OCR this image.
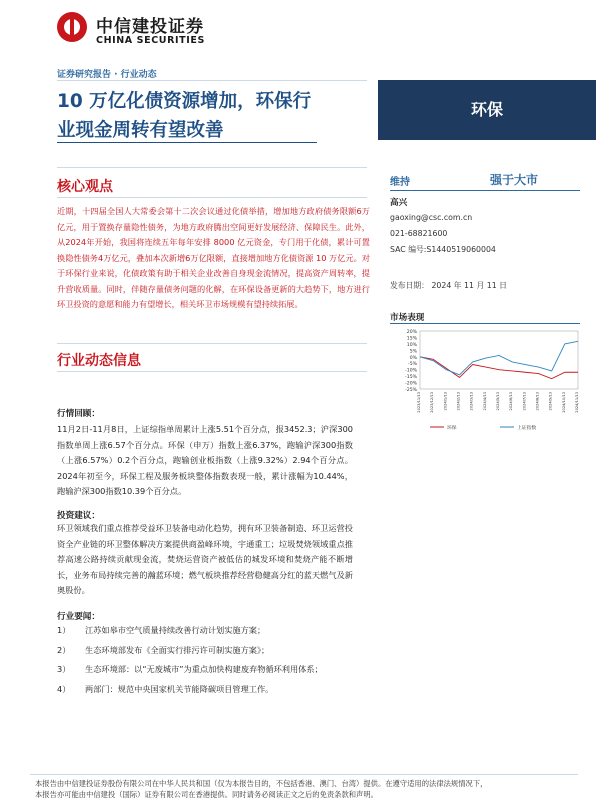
中信建投证券
CHINA SECURITIES
证券研究报告 · 行业动态
10 万亿化债资源增加，环保行
业现金周转有望改善
环保
核心观点
近期，十四届全国人大常委会第十二次会议通过化债举措，增加地方政府债务限额6万亿元，用于置换存量隐性债务，为地方政府腾出空间更好发展经济、保障民生。此外，从2024年开始，我国将连续五年每年安排 8000 亿元资金，专门用于化债，累计可置换隐性债务4万亿元，叠加本次新增6万亿限额，直接增加地方化债资源 10 万亿元。对于环保行业来说，化债政策有助于相关企业改善自身现金流情况，提高资产周转率，提升营收质量。同时，伴随存量债务问题的化解，在环保设备更新的大趋势下，地方进行环卫投资的意愿和能力有望增长，相关环卫市场规模有望持续拓展。
行业动态信息
行情回顾：
11月2日-11月8日，上证综指单周累计上涨5.51个百分点，报3452.3；沪深300指数单周上涨6.57个百分点。环保（申万）指数上涨6.37%，跑输沪深300指数（上涨6.57%）0.2个百分点，跑输创业板指数（上涨9.32%）2.94个百分点。2024年初至今，环保工程及服务板块整体指数表现一般，累计涨幅为10.44%，跑输沪深300指数10.39个百分点。
投资建议：
环卫领域我们重点推荐受益环卫装备电动化趋势，拥有环卫装备制造、环卫运营投资全产业链的环卫整体解决方案提供商盈峰环境，宇通重工；垃圾焚烧领域重点推荐高速公路持续贡献现金流，焚烧运营资产被低估的城发环境和焚烧产能不断增长，业务布局持续完善的瀚蓝环境；燃气板块推荐经营稳健高分红的蓝天燃气及新奥股份。
行业要闻：
1） 江苏如皋市空气质量持续改善行动计划实施方案；
2） 生态环境部发布《全面实行排污许可制实施方案》；
3） 生态环境部：以“无废城市”为重点加快构建废弃物循环利用体系；
4） 两部门：规范中央国家机关节能降碳项目管理工作。
维持	强于大市
高兴
gaoxing@csc.com.cn
021-68821600
SAC 编号:S1440519060004
发布日期： 2024 年 11 月 11 日
市场表现
20%
15%
10%
5%
0%
-5%
-10%
-15%
-20%
-25%
2023/11/13	2023/12/13	2024/1/13	2024/2/13	2024/3/13	2024/4/13	2024/5/13	2024/6/13	2024/7/13	2024/8/13	2024/9/13	2024/10/13	2024/11/13
环保	上证指数
本报告由中信建投证券股份有限公司在中华人民共和国（仅为本报告目的，不包括香港、澳门、台湾）提供。在遵守适用的法律法规情况下，
本报告亦可能由中信建投（国际）证券有限公司在香港提供。同时请务必阅读正文之后的免责条款和声明。
